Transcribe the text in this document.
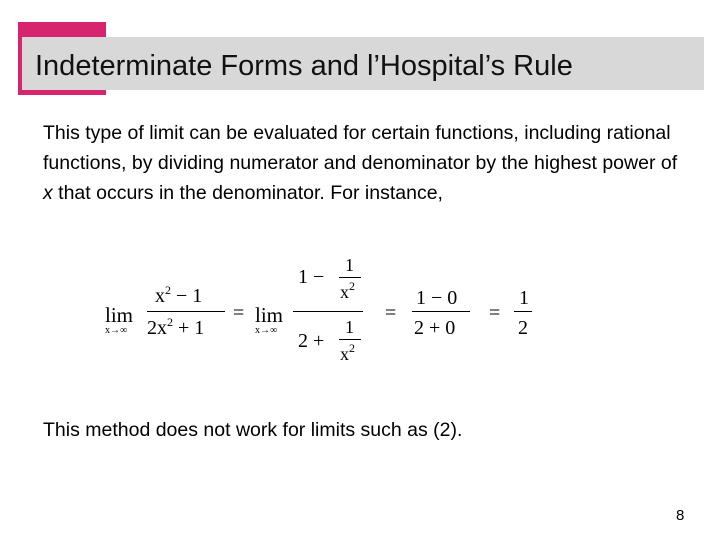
Indeterminate Forms and l’Hospital’s Rule

This type of limit can be evaluated for certain functions, including rational functions, by dividing numerator and denominator by the highest power of x that occurs in the denominator. For instance,

lim
x→∞
$x^2 - 1$
$2x^2 + 1$
= lim
x→∞
1 −
1
$x^2$
2 +
1
$x^2$
=
1 − 0
2 + 0
=
1
2

This method does not work for limits such as (2).

8
